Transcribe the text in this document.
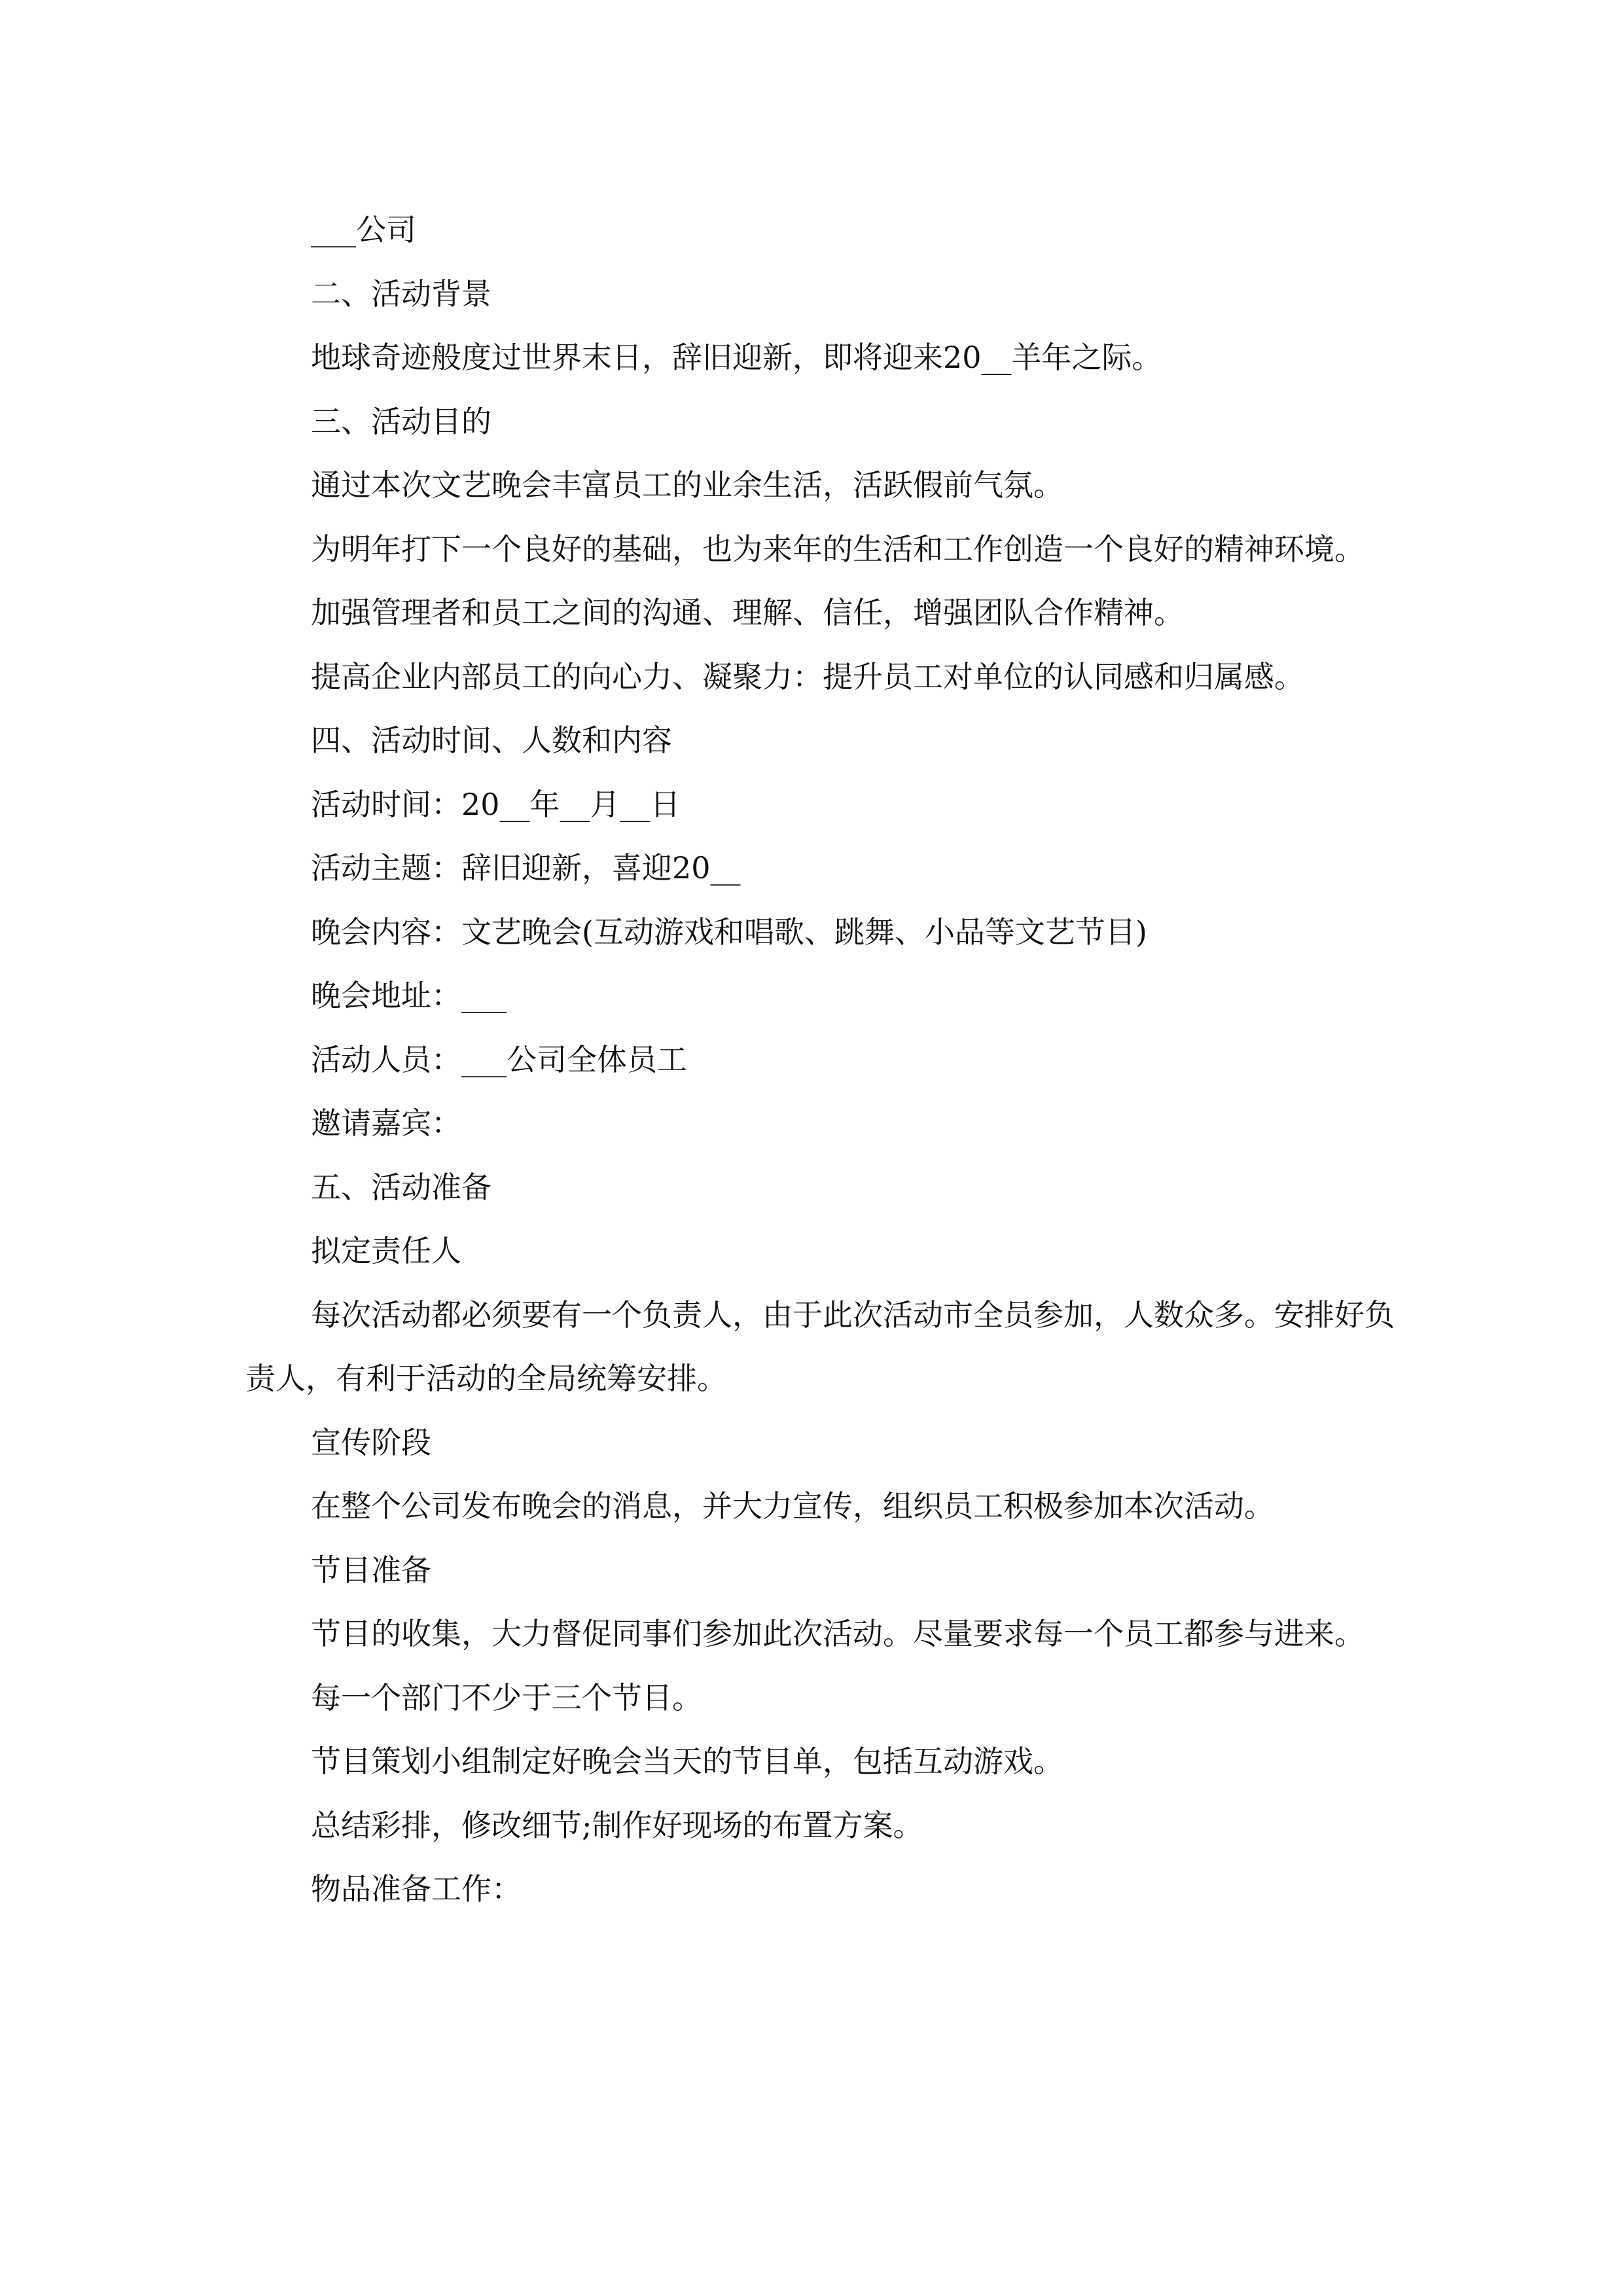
___公司

二、活动背景

地球奇迹般度过世界末日，辞旧迎新，即将迎来20__羊年之际。

三、活动目的

通过本次文艺晚会丰富员工的业余生活，活跃假前气氛。

为明年打下一个良好的基础，也为来年的生活和工作创造一个良好的精神环境。

加强管理者和员工之间的沟通、理解、信任，增强团队合作精神。

提高企业内部员工的向心力、凝聚力：提升员工对单位的认同感和归属感。

四、活动时间、人数和内容

活动时间：20__年__月__日

活动主题：辞旧迎新，喜迎20__

晚会内容：文艺晚会(互动游戏和唱歌、跳舞、小品等文艺节目)

晚会地址：___

活动人员：___公司全体员工

邀请嘉宾：

五、活动准备

拟定责任人

每次活动都必须要有一个负责人，由于此次活动市全员参加，人数众多。安排好负责人，有利于活动的全局统筹安排。

宣传阶段

在整个公司发布晚会的消息，并大力宣传，组织员工积极参加本次活动。

节目准备

节目的收集，大力督促同事们参加此次活动。尽量要求每一个员工都参与进来。

每一个部门不少于三个节目。

节目策划小组制定好晚会当天的节目单，包括互动游戏。

总结彩排，修改细节;制作好现场的布置方案。

物品准备工作：
